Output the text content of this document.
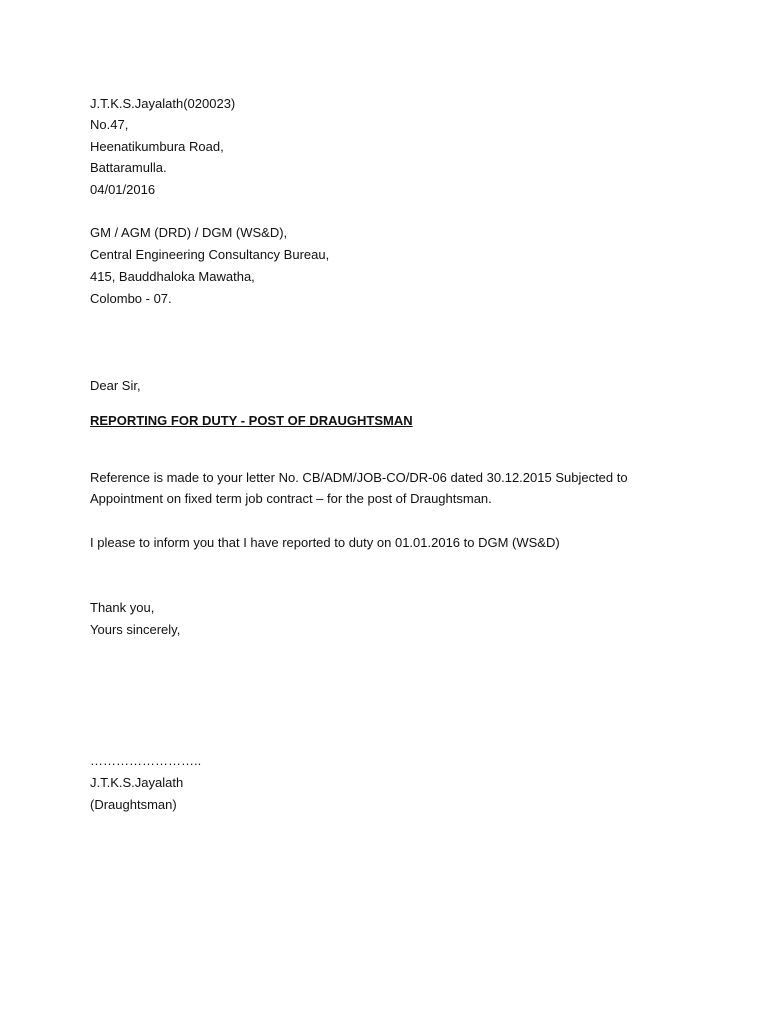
J.T.K.S.Jayalath(020023)
No.47,
Heenatikumbura Road,
Battaramulla.
04/01/2016
GM / AGM (DRD) / DGM (WS&D),
Central Engineering Consultancy Bureau,
415, Bauddhaloka Mawatha,
Colombo - 07.
Dear Sir,
REPORTING FOR DUTY - POST OF DRAUGHTSMAN
Reference is made to your letter No. CB/ADM/JOB-CO/DR-06 dated 30.12.2015 Subjected to
Appointment on fixed term job contract – for the post of Draughtsman.
I please to inform you that I have reported to duty on 01.01.2016 to DGM (WS&D)
Thank you,
Yours sincerely,
……………………..
J.T.K.S.Jayalath
(Draughtsman)
